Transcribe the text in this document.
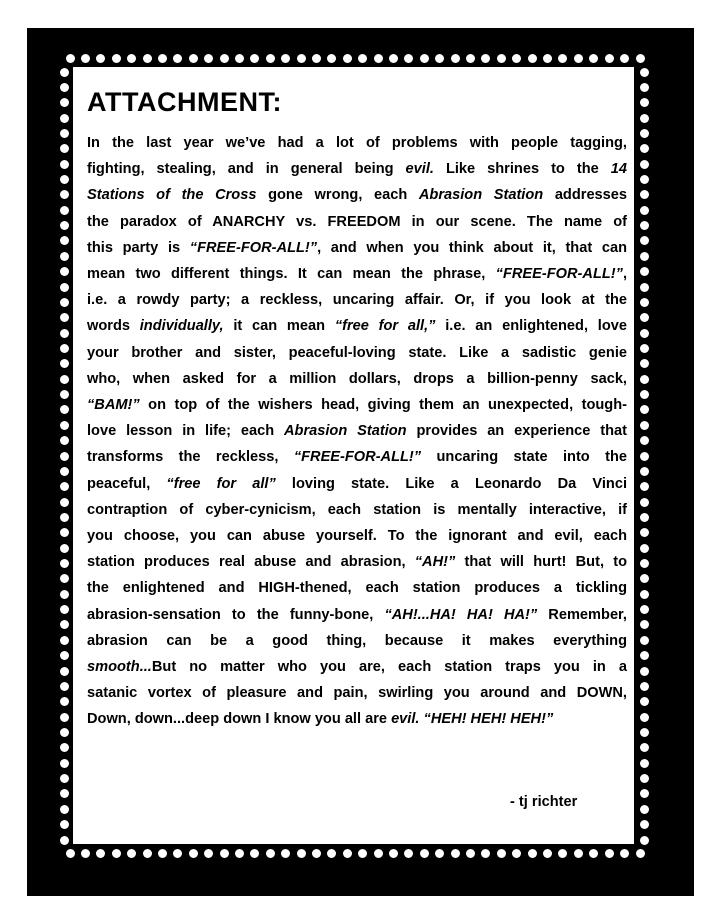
ATTACHMENT:
In the last year we’ve had a lot of problems with people tagging,
fighting, stealing, and in general being evil. Like shrines to the 14
Stations of the Cross gone wrong, each Abrasion Station addresses
the paradox of ANARCHY vs. FREEDOM in our scene. The name of
this party is “FREE-FOR-ALL!”, and when you think about it, that can
mean two different things. It can mean the phrase, “FREE-FOR-ALL!”,
i.e. a rowdy party; a reckless, uncaring affair. Or, if you look at the
words individually, it can mean “free for all,” i.e. an enlightened, love
your brother and sister, peaceful-loving state. Like a sadistic genie
who, when asked for a million dollars, drops a billion-penny sack,
“BAM!” on top of the wishers head, giving them an unexpected, tough-
love lesson in life; each Abrasion Station provides an experience that
transforms the reckless, “FREE-FOR-ALL!” uncaring state into the
peaceful, “free for all” loving state. Like a Leonardo Da Vinci
contraption of cyber-cynicism, each station is mentally interactive, if
you choose, you can abuse yourself. To the ignorant and evil, each
station produces real abuse and abrasion, “AH!” that will hurt! But, to
the enlightened and HIGH-thened, each station produces a tickling
abrasion-sensation to the funny-bone, “AH!...HA! HA! HA!” Remember,
abrasion can be a good thing, because it makes everything
smooth...But no matter who you are, each station traps you in a
satanic vortex of pleasure and pain, swirling you around and DOWN,
Down, down...deep down I know you all are evil. “HEH! HEH! HEH!”

- tj richter
